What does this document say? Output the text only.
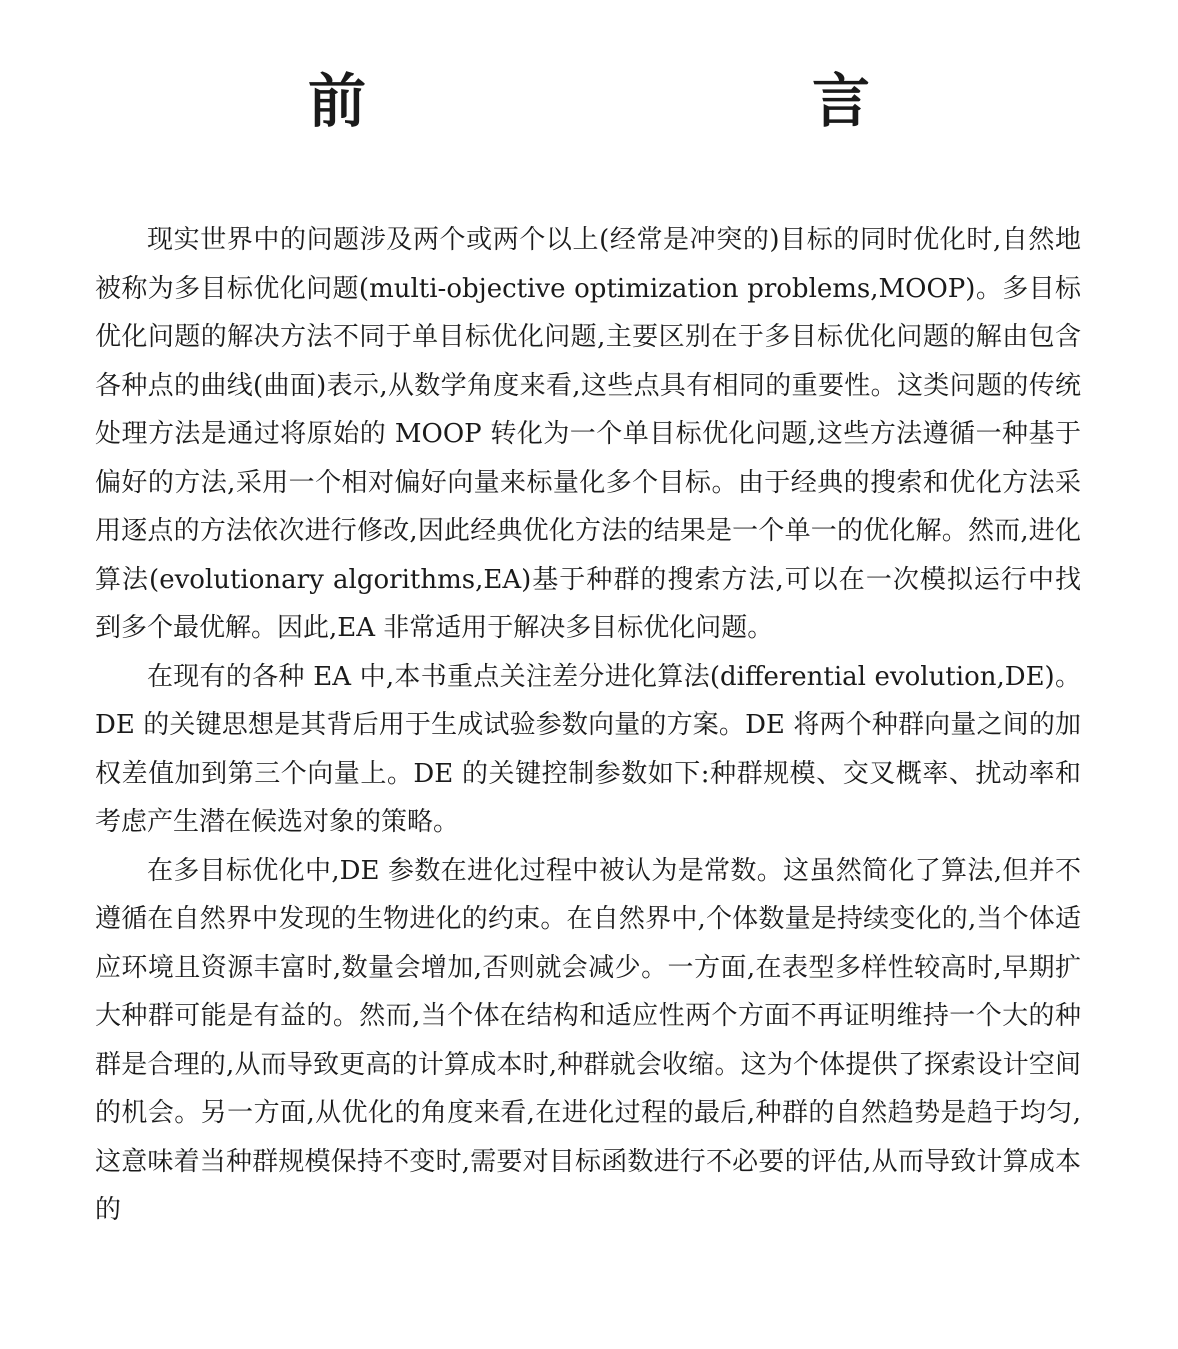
前　　言

现实世界中的问题涉及两个或两个以上(经常是冲突的)目标的同时优化时,自然地被称为多目标优化问题(multi-objective optimization problems,MOOP)。多目标优化问题的解决方法不同于单目标优化问题,主要区别在于多目标优化问题的解由包含各种点的曲线(曲面)表示,从数学角度来看,这些点具有相同的重要性。这类问题的传统处理方法是通过将原始的 MOOP 转化为一个单目标优化问题,这些方法遵循一种基于偏好的方法,采用一个相对偏好向量来标量化多个目标。由于经典的搜索和优化方法采用逐点的方法依次进行修改,因此经典优化方法的结果是一个单一的优化解。然而,进化算法(evolutionary algorithms,EA)基于种群的搜索方法,可以在一次模拟运行中找到多个最优解。因此,EA 非常适用于解决多目标优化问题。

在现有的各种 EA 中,本书重点关注差分进化算法(differential evolution,DE)。DE 的关键思想是其背后用于生成试验参数向量的方案。DE 将两个种群向量之间的加权差值加到第三个向量上。DE 的关键控制参数如下:种群规模、交叉概率、扰动率和考虑产生潜在候选对象的策略。

在多目标优化中,DE 参数在进化过程中被认为是常数。这虽然简化了算法,但并不遵循在自然界中发现的生物进化的约束。在自然界中,个体数量是持续变化的,当个体适应环境且资源丰富时,数量会增加,否则就会减少。一方面,在表型多样性较高时,早期扩大种群可能是有益的。然而,当个体在结构和适应性两个方面不再证明维持一个大的种群是合理的,从而导致更高的计算成本时,种群就会收缩。这为个体提供了探索设计空间的机会。另一方面,从优化的角度来看,在进化过程的最后,种群的自然趋势是趋于均匀,这意味着当种群规模保持不变时,需要对目标函数进行不必要的评估,从而导致计算成本的
